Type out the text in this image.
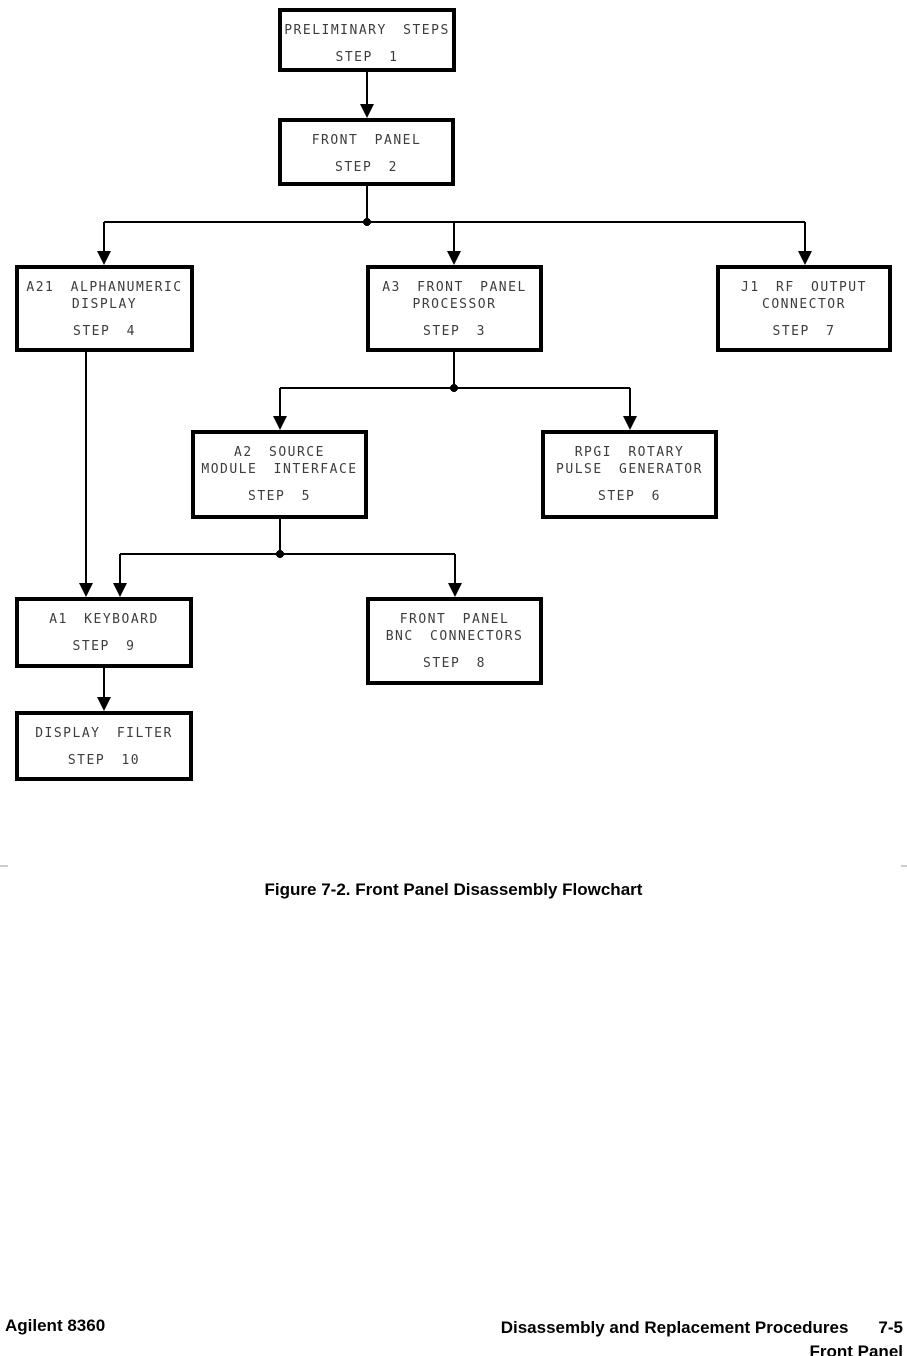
PRELIMINARY STEPS
STEP 1
FRONT PANEL
STEP 2
A21 ALPHANUMERIC
DISPLAY
STEP 4
A3 FRONT PANEL
PROCESSOR
STEP 3
J1 RF OUTPUT
CONNECTOR
STEP 7
A2 SOURCE
MODULE INTERFACE
STEP 5
RPGI ROTARY
PULSE GENERATOR
STEP 6
A1 KEYBOARD
STEP 9
FRONT PANEL
BNC CONNECTORS
STEP 8
DISPLAY FILTER
STEP 10
Figure 7-2. Front Panel Disassembly Flowchart
Agilent 8360	Disassembly and Replacement Procedures 7-5
Front Panel
